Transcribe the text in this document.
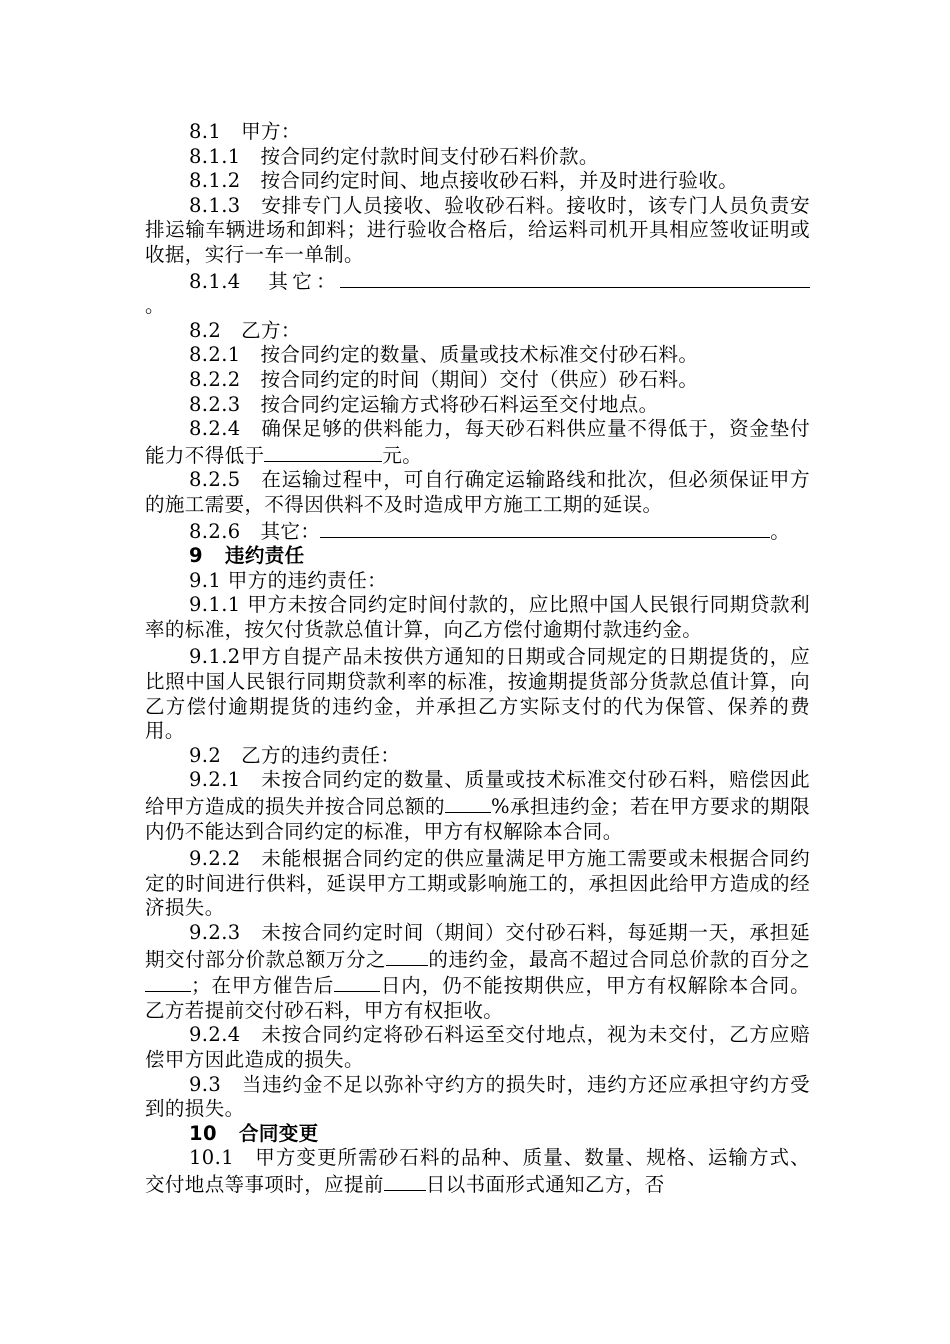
8.1　甲方：

8.1.1　按合同约定付款时间支付砂石料价款。

8.1.2　按合同约定时间、地点接收砂石料，并及时进行验收。

8.1.3　安排专门人员接收、验收砂石料。接收时，该专门人员负责安排运输车辆进场和卸料；进行验收合格后，给运料司机开具相应签收证明或收据，实行一车一单制。

8.1.4　其它：。

8.2　乙方：

8.2.1　按合同约定的数量、质量或技术标准交付砂石料。

8.2.2　按合同约定的时间（期间）交付（供应）砂石料。

8.2.3　按合同约定运输方式将砂石料运至交付地点。

8.2.4　确保足够的供料能力，每天砂石料供应量不得低于，资金垫付能力不得低于	元。

8.2.5　在运输过程中，可自行确定运输路线和批次，但必须保证甲方的施工需要，不得因供料不及时造成甲方施工工期的延误。

8.2.6　其它：	。

9 违约责任

9.1 甲方的违约责任：

9.1.1 甲方未按合同约定时间付款的，应比照中国人民银行同期贷款利率的标准，按欠付货款总值计算，向乙方偿付逾期付款违约金。

9.1.2甲方自提产品未按供方通知的日期或合同规定的日期提货的，应比照中国人民银行同期贷款利率的标准，按逾期提货部分货款总值计算，向乙方偿付逾期提货的违约金，并承担乙方实际支付的代为保管、保养的费用。

9.2　乙方的违约责任：

9.2.1　未按合同约定的数量、质量或技术标准交付砂石料，赔偿因此给甲方造成的损失并按合同总额的 %承担违约金；若在甲方要求的期限内仍不能达到合同约定的标准，甲方有权解除本合同。

9.2.2　未能根据合同约定的供应量满足甲方施工需要或未根据合同约定的时间进行供料，延误甲方工期或影响施工的，承担因此给甲方造成的经济损失。

9.2.3　未按合同约定时间（期间）交付砂石料，每延期一天，承担延期交付部分价款总额万分之 的违约金，最高不超过合同总价款的百分之；在甲方催告后 日内，仍不能按期供应，甲方有权解除本合同。乙方若提前交付砂石料，甲方有权拒收。

9.2.4　未按合同约定将砂石料运至交付地点，视为未交付，乙方应赔偿甲方因此造成的损失。

9.3　当违约金不足以弥补守约方的损失时，违约方还应承担守约方受到的损失。

10 合同变更

10.1　甲方变更所需砂石料的品种、质量、数量、规格、运输方式、交付地点等事项时，应提前 日以书面形式通知乙方，否
